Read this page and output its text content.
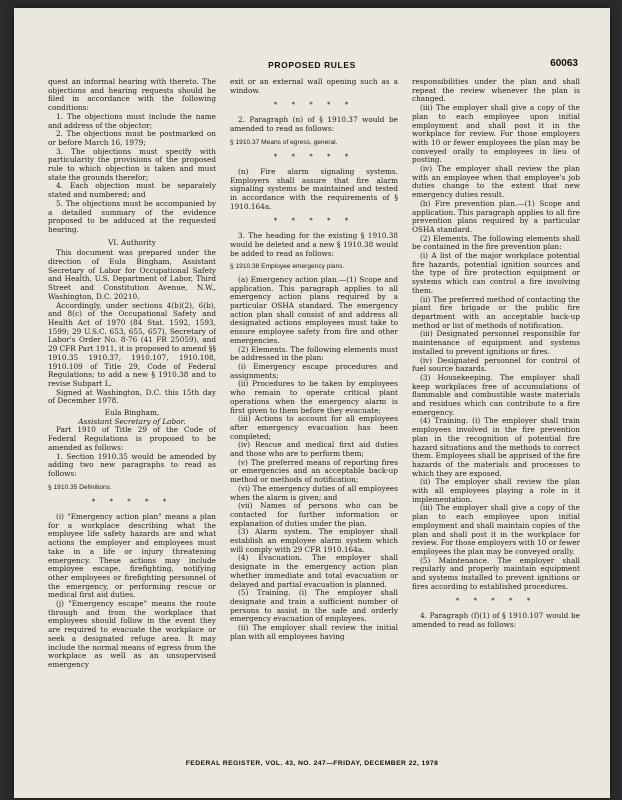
PROPOSED RULES	60063

quest an informal hearing with thereto. The objections and hearing requests should be filed in accordance with the following conditions:

1. The objections must include the name and address of the objector;

2. The objections must be postmarked on or before March 16, 1979;

3. The objections must specify with particularity the provisions of the proposed rule to which objection is taken and must state the grounds therefor;

4. Each objection must be separately stated and numbered; and

5. The objections must be accompanied by a detailed summary of the evidence proposed to be adduced at the requested hearing.

VI. Authority

This document was prepared under the direction of Eula Bingham, Assistant Secretary of Labor for Occupational Safety and Health, U.S. Department of Labor, Third Street and Constitution Avenue, N.W., Washington, D.C. 20210.

Accordingly, under sections 4(b)(2), 6(b), and 8(c) of the Occupational Safety and Health Act of 1970 (84 Stat. 1592, 1593, 1599; 29 U.S.C. 653, 655, 657), Secretary of Labor's Order No. 8-76 (41 FR 25059), and 29 CFR Part 1911, it is proposed to amend §§ 1910.35 1910.37, 1910.107, 1910.108, 1910.109 of Title 29, Code of Federal Regulations; to add a new § 1910.38 and to revise Subpart L.

Signed at Washington, D.C. this 15th day of December 1978.

Eula Bingham,

Assistant Secretary of Labor.

Part 1910 of Title 29 of the Code of Federal Regulations is proposed to be amended as follows:

1. Section 1910.35 would be amended by adding two new paragraphs to read as follows:

§ 1910.35 Definitions.

* * * * *

(i) "Emergency action plan" means a plan for a workplace describing what the employee life safety hazards are and what actions the employer and employees must take in a life or injury threatening emergency. These actions may include employee escape, firefighting, notifying other employees or firefighting personnel of the emergency, or performing rescue or medical first aid duties.

(j) "Emergency escape" means the route through and from the workplace that employees should follow in the event they are required to evacuate the workplace or seek a designated refuge area. It may include the normal means of egress from the workplace as well as an unsupervised emergency

exit or an external wall opening such as a window.

* * * * *

2. Paragraph (n) of § 1910.37 would be amended to read as follows:

§ 1910.37 Means of egress, general.

* * * * *

(n) Fire alarm signaling systems. Employers shall assure that fire alarm signaling systems be maintained and tested in accordance with the requirements of § 1910.164a.

* * * * *

3. The heading for the existing § 1910.38 would be deleted and a new § 1910.38 would be added to read as follows:

§ 1910.38 Employee emergency plans.

(a) Emergency action plan.—(1) Scope and application. This paragraph applies to all emergency action plans required by a particular OSHA standard. The emergency action plan shall consist of and address all designated actions employees must take to ensure employee safety from fire and other emergencies.

(2) Elements. The following elements must be addressed in the plan:

(i) Emergency escape procedures and assignments;

(ii) Procedures to be taken by employees who remain to operate critical plant operations when the emergency alarm is first given to them before they evacuate;

(iii) Actions to account for all employees after emergency evacuation has been completed;

(iv) Rescue and medical first aid duties and those who are to perform them;

(v) The preferred means of reporting fires or emergencies and an acceptable back-up method or methods of notification;

(vi) The emergency duties of all employees when the alarm is given; and

(vii) Names of persons who can be contacted for further information or explanation of duties under the plan.

(3) Alarm system. The employer shall establish an employee alarm system which will comply with 29 CFR 1910.164a.

(4) Evacuation. The employer shall designate in the emergency action plan whether immediate and total evacuation or delayed and partial evacuation is planned.

(5) Training. (i) The employer shall designate and train a sufficient number of persons to assist in the safe and orderly emergency evacuation of employees.

(ii) The employer shall review the initial plan with all employees having

responsibilities under the plan and shall repeat the review whenever the plan is changed.

(iii) The employer shall give a copy of the plan to each employee upon initial employment and shall post it in the workplace for review. For those employers with 10 or fewer employees the plan may be conveyed orally to employees in lieu of posting.

(iv) The employer shall review the plan with an employee when that employee's job duties change to the extent that new emergency duties result.

(b) Fire prevention plan.—(1) Scope and application. This paragraph applies to all fire prevention plans required by a particular OSHA standard.

(2) Elements. The following elements shall be contained in the fire prevention plan:

(i) A list of the major workplace potential fire hazards, potential ignition sources and the type of fire protection equipment or systems which can control a fire involving them.

(ii) The preferred method of contacting the plant fire brigade or the public fire department with an acceptable back-up method or list of methods of notification.

(iii) Designated personnel responsible for maintenance of equipment and systems installed to prevent ignitions or fires.

(iv) Designated personnel for control of fuel source hazards.

(3) Housekeeping. The employer shall keep workplaces free of accumulations of flammable and combustible waste materials and residues which can contribute to a fire emergency.

(4) Training. (i) The employer shall train employees involved in the fire prevention plan in the recognition of potential fire hazard situations and the methods to correct them. Employees shall be apprised of the fire hazards of the materials and processes to which they are exposed.

(ii) The employer shall review the plan with all employees playing a role in it implementation.

(iii) The employer shall give a copy of the plan to each employee upon initial employment and shall maintain copies of the plan and shall post it in the workplace for review. For those employers with 10 or fewer employees the plan may be conveyed orally.

(5) Maintenance. The employer shall regularly and properly maintain equipment and systems installed to prevent ignitions or fires according to established procedures.

* * * * *

4. Paragraph (f)(1) of § 1910.107 would be amended to read as follows:

FEDERAL REGISTER, VOL. 43, NO. 247—FRIDAY, DECEMBER 22, 1978
